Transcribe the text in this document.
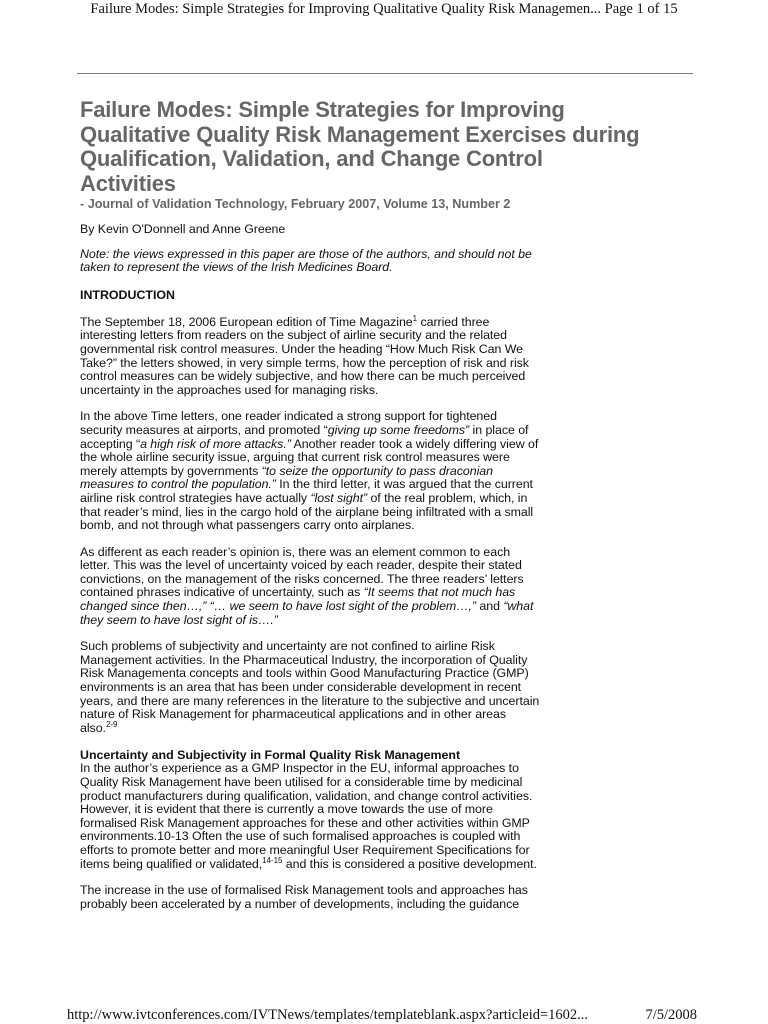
Failure Modes: Simple Strategies for Improving Qualitative Quality Risk Managemen... Page 1 of 15
Failure Modes: Simple Strategies for Improving
Qualitative Quality Risk Management Exercises during
Qualification, Validation, and Change Control
Activities
- Journal of Validation Technology, February 2007, Volume 13, Number 2
By Kevin O'Donnell and Anne Greene
Note: the views expressed in this paper are those of the authors, and should not be
taken to represent the views of the Irish Medicines Board.
INTRODUCTION
The September 18, 2006 European edition of Time Magazine$^1$ carried three
interesting letters from readers on the subject of airline security and the related
governmental risk control measures. Under the heading “How Much Risk Can We
Take?” the letters showed, in very simple terms, how the perception of risk and risk
control measures can be widely subjective, and how there can be much perceived
uncertainty in the approaches used for managing risks.
In the above Time letters, one reader indicated a strong support for tightened
security measures at airports, and promoted “giving up some freedoms” in place of
accepting “a high risk of more attacks.” Another reader took a widely differing view of
the whole airline security issue, arguing that current risk control measures were
merely attempts by governments “to seize the opportunity to pass draconian
measures to control the population.” In the third letter, it was argued that the current
airline risk control strategies have actually “lost sight” of the real problem, which, in
that reader’s mind, lies in the cargo hold of the airplane being infiltrated with a small
bomb, and not through what passengers carry onto airplanes.
As different as each reader’s opinion is, there was an element common to each
letter. This was the level of uncertainty voiced by each reader, despite their stated
convictions, on the management of the risks concerned. The three readers’ letters
contained phrases indicative of uncertainty, such as “It seems that not much has
changed since then…,” “… we seem to have lost sight of the problem…,” and “what
they seem to have lost sight of is….”
Such problems of subjectivity and uncertainty are not confined to airline Risk
Management activities. In the Pharmaceutical Industry, the incorporation of Quality
Risk Managementa concepts and tools within Good Manufacturing Practice (GMP)
environments is an area that has been under considerable development in recent
years, and there are many references in the literature to the subjective and uncertain
nature of Risk Management for pharmaceutical applications and in other areas
also.$^{2-9}$
Uncertainty and Subjectivity in Formal Quality Risk Management
In the author’s experience as a GMP Inspector in the EU, informal approaches to
Quality Risk Management have been utilised for a considerable time by medicinal
product manufacturers during qualification, validation, and change control activities.
However, it is evident that there is currently a move towards the use of more
formalised Risk Management approaches for these and other activities within GMP
environments.10-13 Often the use of such formalised approaches is coupled with
efforts to promote better and more meaningful User Requirement Specifications for
items being qualified or validated,$^{14-15}$ and this is considered a positive development.
The increase in the use of formalised Risk Management tools and approaches has
probably been accelerated by a number of developments, including the guidance
http://www.ivtconferences.com/IVTNews/templates/templateblank.aspx?articleid=1602...	7/5/2008
